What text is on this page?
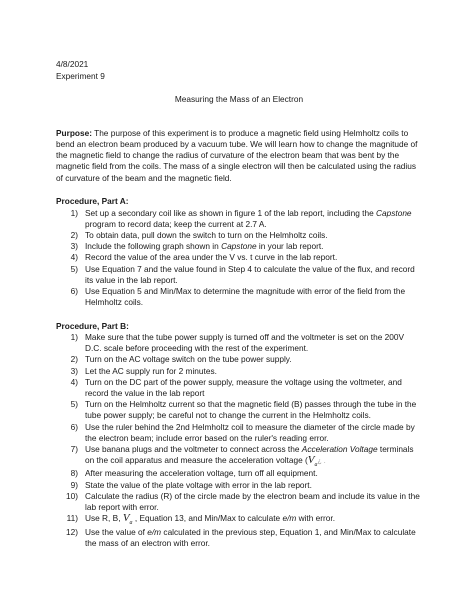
4/8/2021
Experiment 9
Measuring the Mass of an Electron
Purpose: The purpose of this experiment is to produce a magnetic field using Helmholtz coils to bend an electron beam produced by a vacuum tube. We will learn how to change the magnitude of the magnetic field to change the radius of curvature of the electron beam that was bent by the magnetic field from the coils. The mass of a single electron will then be calculated using the radius of curvature of the beam and the magnetic field.
Procedure, Part A:
1 )	Set up a secondary coil like as shown in figure 1 of the lab report, including the Capstone program to record data; keep the current at 2.7 A.
2 )	To obtain data, pull down the switch to turn on the Helmholtz coils.
3 )	Include the following graph shown in Capstone in your lab report.
4 )	Record the value of the area under the V vs. t curve in the lab report.
5 )	Use Equation 7 and the value found in Step 4 to calculate the value of the flux, and record its value in the lab report.
6 )	Use Equation 5 and Min/Max to determine the magnitude with error of the field from the Helmholtz coils.
Procedure, Part B:
1 )	Make sure that the tube power supply is turned off and the voltmeter is set on the 200V D.C. scale before proceeding with the rest of the experiment.
2 )	Turn on the AC voltage switch on the tube power supply.
3 )	Let the AC supply run for 2 minutes.
4 )	Turn on the DC part of the power supply, measure the voltage using the voltmeter, and record the value in the lab report
5 )	Turn on the Helmholtz current so that the magnetic field (B) passes through the tube in the tube power supply; be careful not to change the current in the Helmholtz coils.
6 )	Use the ruler behind the 2nd Helmholtz coil to measure the diameter of the circle made by the electron beam; include error based on the ruler's reading error.
7 )	Use banana plugs and the voltmeter to connect across the Acceleration Voltage terminals on the coil apparatus and measure the acceleration voltage ($V_a¿$ .
8 )	After measuring the acceleration voltage, turn off all equipment.
9 )	State the value of the plate voltage with error in the lab report.
10 )	Calculate the radius (R) of the circle made by the electron beam and include its value in the lab report with error.
11 )	Use R, B, $V_a$ , Equation 13, and Min/Max to calculate e/m with error.
12 )	Use the value of e/m calculated in the previous step, Equation 1, and Min/Max to calculate the mass of an electron with error.
